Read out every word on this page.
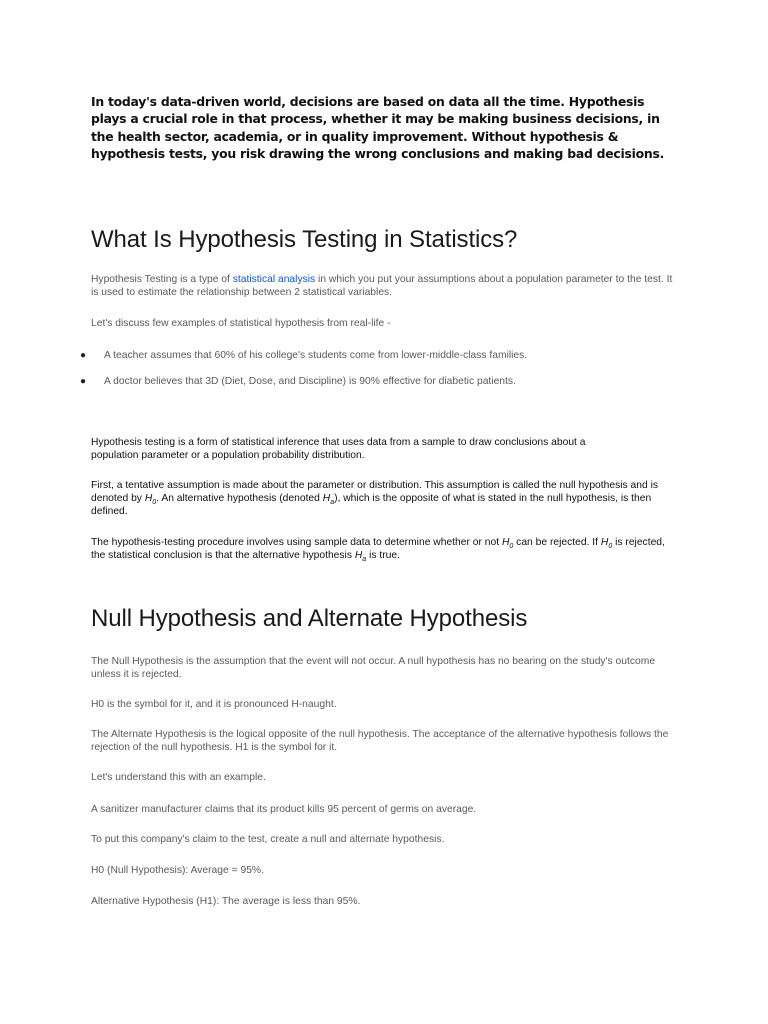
In today's data-driven world, decisions are based on data all the time. Hypothesis plays a crucial role in that process, whether it may be making business decisions, in the health sector, academia, or in quality improvement. Without hypothesis & hypothesis tests, you risk drawing the wrong conclusions and making bad decisions.

What Is Hypothesis Testing in Statistics?

Hypothesis Testing is a type of statistical analysis in which you put your assumptions about a population parameter to the test. It is used to estimate the relationship between 2 statistical variables.

Let's discuss few examples of statistical hypothesis from real-life -

● A teacher assumes that 60% of his college's students come from lower-middle-class families.
● A doctor believes that 3D (Diet, Dose, and Discipline) is 90% effective for diabetic patients.

Hypothesis testing is a form of statistical inference that uses data from a sample to draw conclusions about a population parameter or a population probability distribution.

First, a tentative assumption is made about the parameter or distribution. This assumption is called the null hypothesis and is denoted by $H_0$. An alternative hypothesis (denoted $H_a$), which is the opposite of what is stated in the null hypothesis, is then defined.

The hypothesis-testing procedure involves using sample data to determine whether or not $H_0$ can be rejected. If $H_0$ is rejected, the statistical conclusion is that the alternative hypothesis $H_a$ is true.

Null Hypothesis and Alternate Hypothesis

The Null Hypothesis is the assumption that the event will not occur. A null hypothesis has no bearing on the study's outcome unless it is rejected.

H0 is the symbol for it, and it is pronounced H-naught.

The Alternate Hypothesis is the logical opposite of the null hypothesis. The acceptance of the alternative hypothesis follows the rejection of the null hypothesis. H1 is the symbol for it.

Let's understand this with an example.

A sanitizer manufacturer claims that its product kills 95 percent of germs on average.

To put this company's claim to the test, create a null and alternate hypothesis.

H0 (Null Hypothesis): Average = 95%.

Alternative Hypothesis (H1): The average is less than 95%.
